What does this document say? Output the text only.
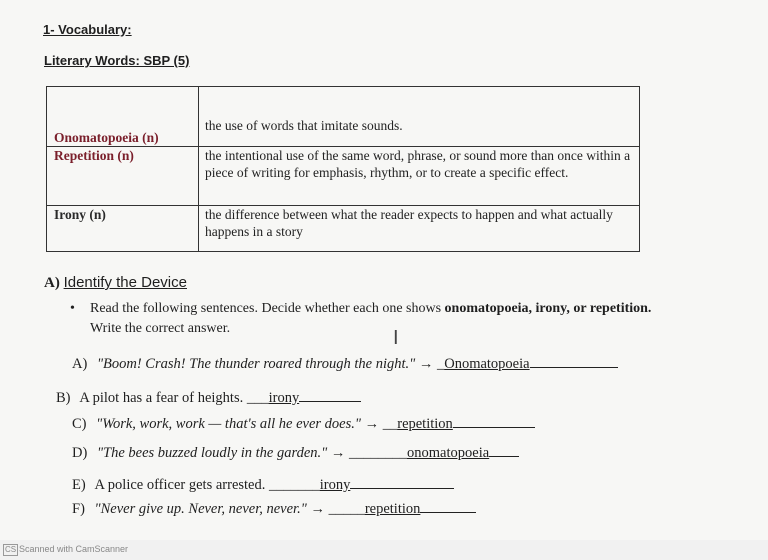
1- Vocabulary:
Literary Words: SBP (5)
Onomatopoeia (n)	the use of words that imitate sounds.
Repetition (n)	the intentional use of the same word, phrase, or sound more than once within a piece of writing for emphasis, rhythm, or to create a specific effect.
Irony (n)	the difference between what the reader expects to happen and what actually happens in a story
A) Identify the Device
• Read the following sentences. Decide whether each one shows onomatopoeia, irony, or repetition. Write the correct answer.	I
A) "Boom! Crash! The thunder roared through the night." → _Onomatopoeia
B) A pilot has a fear of heights. ___irony
C) "Work, work, work — that's all he ever does." → __repetition
D) "The bees buzzed loudly in the garden." → ________onomatopoeia
E) A police officer gets arrested. _______irony
F) "Never give up. Never, never, never." → _____repetition
CS Scanned with CamScanner
